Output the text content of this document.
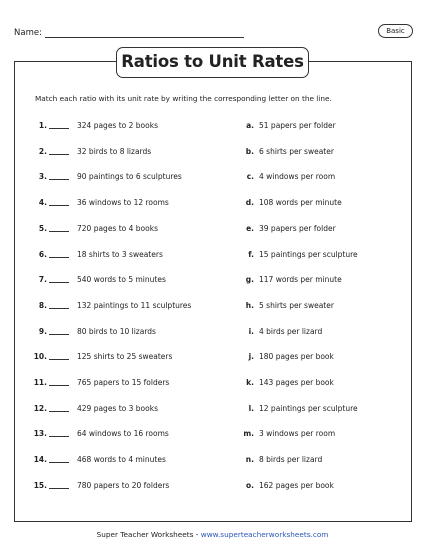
Name:	Basic
Ratios to Unit Rates
Match each ratio with its unit rate by writing the corresponding letter on the line.
1.	324 pages to 2 books
2.	32 birds to 8 lizards
3.	90 paintings to 6 sculptures
4.	36 windows to 12 rooms
5.	720 pages to 4 books
6.	18 shirts to 3 sweaters
7.	540 words to 5 minutes
8.	132 paintings to 11 sculptures
9.	80 birds to 10 lizards
10.	125 shirts to 25 sweaters
11.	765 papers to 15 folders
12.	429 pages to 3 books
13.	64 windows to 16 rooms
14.	468 words to 4 minutes
15.	780 papers to 20 folders
a. 51 papers per folder
b. 6 shirts per sweater
c. 4 windows per room
d. 108 words per minute
e. 39 papers per folder
f. 15 paintings per sculpture
g. 117 words per minute
h. 5 shirts per sweater
i. 4 birds per lizard
j. 180 pages per book
k. 143 pages per book
l. 12 paintings per sculpture
m. 3 windows per room
n. 8 birds per lizard
o. 162 pages per book
Super Teacher Worksheets - www.superteacherworksheets.com
